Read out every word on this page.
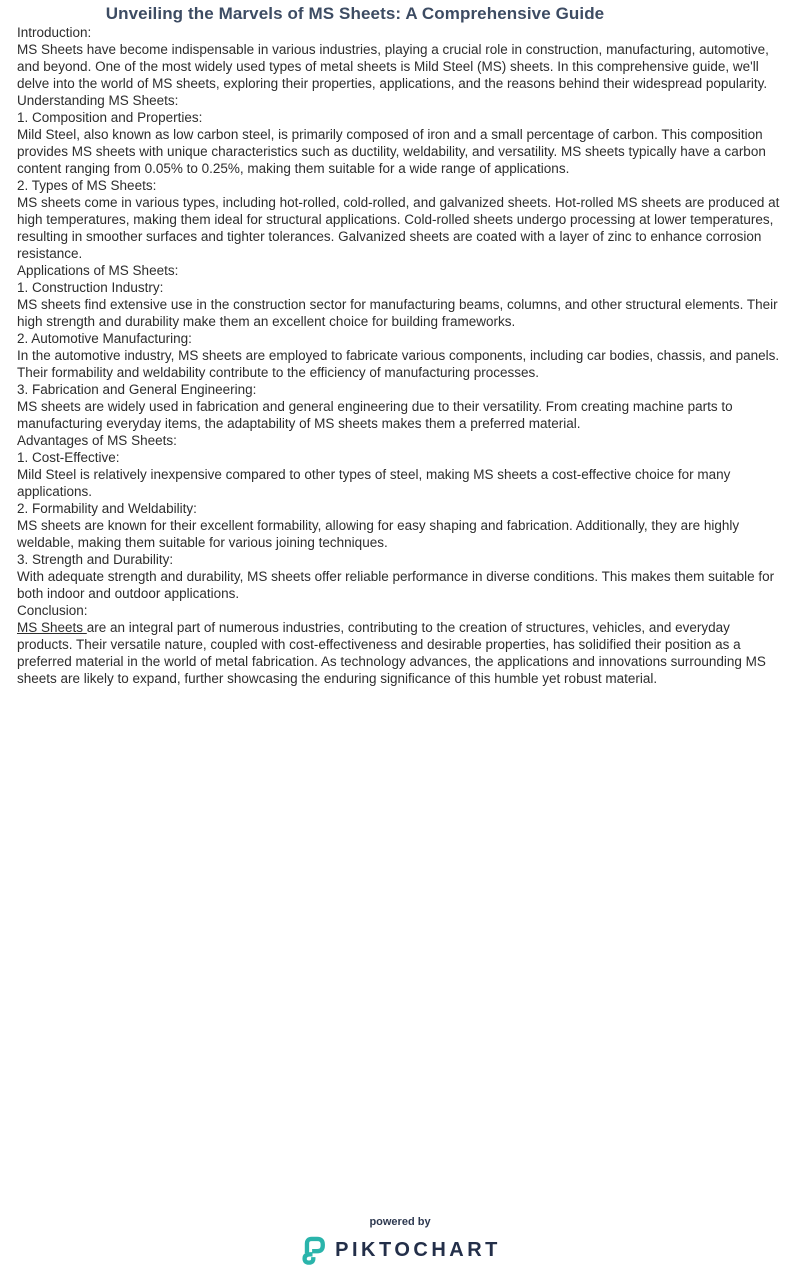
Unveiling the Marvels of MS Sheets: A Comprehensive Guide

Introduction:

MS Sheets have become indispensable in various industries, playing a crucial role in construction, manufacturing, automotive, and beyond. One of the most widely used types of metal sheets is Mild Steel (MS) sheets. In this comprehensive guide, we'll delve into the world of MS sheets, exploring their properties, applications, and the reasons behind their widespread popularity.

Understanding MS Sheets:

1. Composition and Properties:

Mild Steel, also known as low carbon steel, is primarily composed of iron and a small percentage of carbon. This composition provides MS sheets with unique characteristics such as ductility, weldability, and versatility. MS sheets typically have a carbon content ranging from 0.05% to 0.25%, making them suitable for a wide range of applications.

2. Types of MS Sheets:

MS sheets come in various types, including hot-rolled, cold-rolled, and galvanized sheets. Hot-rolled MS sheets are produced at high temperatures, making them ideal for structural applications. Cold-rolled sheets undergo processing at lower temperatures, resulting in smoother surfaces and tighter tolerances. Galvanized sheets are coated with a layer of zinc to enhance corrosion resistance.

Applications of MS Sheets:

1. Construction Industry:

MS sheets find extensive use in the construction sector for manufacturing beams, columns, and other structural elements. Their high strength and durability make them an excellent choice for building frameworks.

2. Automotive Manufacturing:

In the automotive industry, MS sheets are employed to fabricate various components, including car bodies, chassis, and panels. Their formability and weldability contribute to the efficiency of manufacturing processes.

3. Fabrication and General Engineering:

MS sheets are widely used in fabrication and general engineering due to their versatility. From creating machine parts to manufacturing everyday items, the adaptability of MS sheets makes them a preferred material.

Advantages of MS Sheets:

1. Cost-Effective:

Mild Steel is relatively inexpensive compared to other types of steel, making MS sheets a cost-effective choice for many applications.

2. Formability and Weldability:

MS sheets are known for their excellent formability, allowing for easy shaping and fabrication. Additionally, they are highly weldable, making them suitable for various joining techniques.

3. Strength and Durability:

With adequate strength and durability, MS sheets offer reliable performance in diverse conditions. This makes them suitable for both indoor and outdoor applications.

Conclusion:

MS Sheets are an integral part of numerous industries, contributing to the creation of structures, vehicles, and everyday products. Their versatile nature, coupled with cost-effectiveness and desirable properties, has solidified their position as a preferred material in the world of metal fabrication. As technology advances, the applications and innovations surrounding MS sheets are likely to expand, further showcasing the enduring significance of this humble yet robust material.

powered by
PIKTOCHART
